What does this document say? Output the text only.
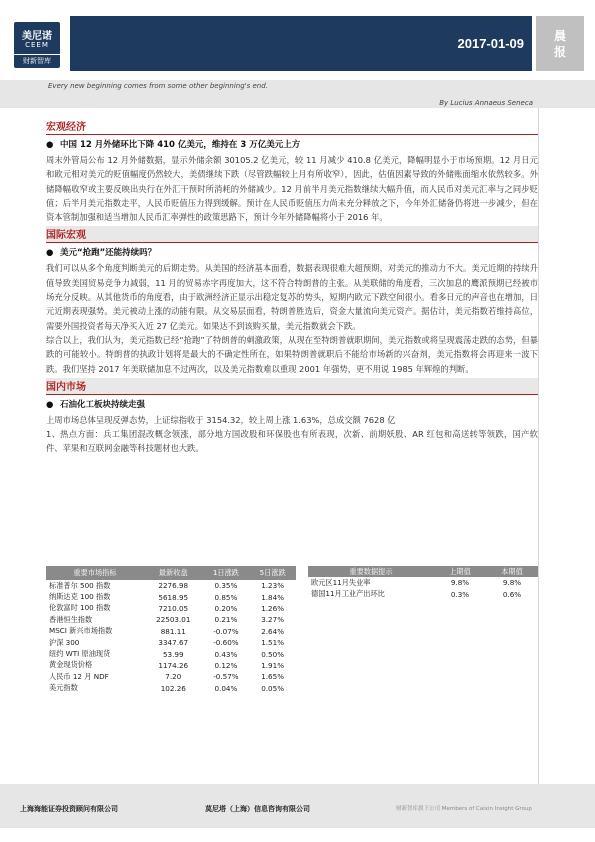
美尼诺
CEEM
财新智库
2017-01-09	晨
报
Every new beginning comes from some other beginning's end.
By Lucius Annaeus Seneca
宏观经济
● 中国 12 月外储环比下降 410 亿美元，维持在 3 万亿美元上方

周末外管局公布 12 月外储数据，显示外储余额 30105.2 亿美元，较 11 月减少 410.8 亿美元，降幅明显小于市场预期。12 月日元和欧元相对美元的贬值幅度仍然较大，美债继续下跌（尽管跌幅较上月有所收窄），因此，估值因素导致的外储账面缩水依然较多。外储降幅收窄或主要反映出央行在外汇干预时所消耗的外储减少。12 月前半月美元指数继续大幅升值，而人民币对美元汇率与之同步贬值；后半月美元指数走平，人民币贬值压力得到缓解。预计在人民币贬值压力尚未充分释放之下，今年外汇储备仍将进一步减少，但在资本管制加强和适当增加人民币汇率弹性的政策思路下，预计今年外储降幅将小于 2016 年。

国际宏观
● 美元“抢跑”还能持续吗？

我们可以从多个角度判断美元的后期走势。从美国的经济基本面看，数据表现很难大超预期，对美元的推动力不大。美元近期的持续升值导致美国贸易竞争力减弱，11 月的贸易赤字再度加大，这不符合特朗普的主张。从美联储的角度看，三次加息的鹰派预期已经被市场充分反映。从其他货币的角度看，由于欧洲经济正显示出稳定复苏的势头，短期内欧元下跌空间很小。看多日元的声音也在增加，日元近期表现强势。美元被动上涨的动能有限。从交易层面看，特朗普胜选后，资金大量流向美元资产。据估计，美元指数若维持高位，需要外国投资者每天净买入近 27 亿美元。如果达不到该购买量，美元指数就会下跌。

综合以上，我们认为，美元指数已经“抢跑”了特朗普的刺激政策，从现在至特朗普就职期间，美元指数或将呈现震荡走跌的态势，但暴跌的可能较小。特朗普的执政计划将是最大的不确定性所在，如果特朗普就职后不能给市场新的兴奋剂，美元指数将会再迎来一波下跌。我们坚持 2017 年美联储加息不过两次，以及美元指数难以重现 2001 年强势，更不用说 1985 年辉煌的判断。

国内市场
● 石油化工板块持续走强

上周市场总体呈现反弹态势，上证综指收于 3154.32，较上周上涨 1.63%，总成交额 7628 亿

1、热点方面：兵工集团混改概念领涨，部分地方国改股和环保股也有所表现，次新、前期妖股、AR 红包和高送转等领跌，国产软件、苹果和互联网金融等科技题材也大跌。

重要市场指标	最新收盘	1日涨跌	5日涨跌
标准普尔 500 指数	2276.98	0.35%	1.23%
纳斯达克 100 指数	5618.95	0.85%	1.84%
伦敦富时 100 指数	7210.05	0.20%	1.26%
香港恒生指数	22503.01	0.21%	3.27%
MSCI 新兴市场指数	881.11	-0.07%	2.64%
沪深 300	3347.67	-0.60%	1.51%
纽约 WTI 原油现货	53.99	0.43%	0.50%
黄金现货价格	1174.26	0.12%	1.91%
人民币 12 月 NDF	7.20	-0.57%	1.65%
美元指数	102.26	0.04%	0.05%
重要数据提示	上期值	本期值
欧元区11月失业率	9.8%	9.8%
德国11月工业产出环比	0.3%	0.6%
上海海能证券投资顾问有限公司	莫尼塔（上海）信息咨询有限公司	财新智库旗下公司 Members of Caixin Insight Group
